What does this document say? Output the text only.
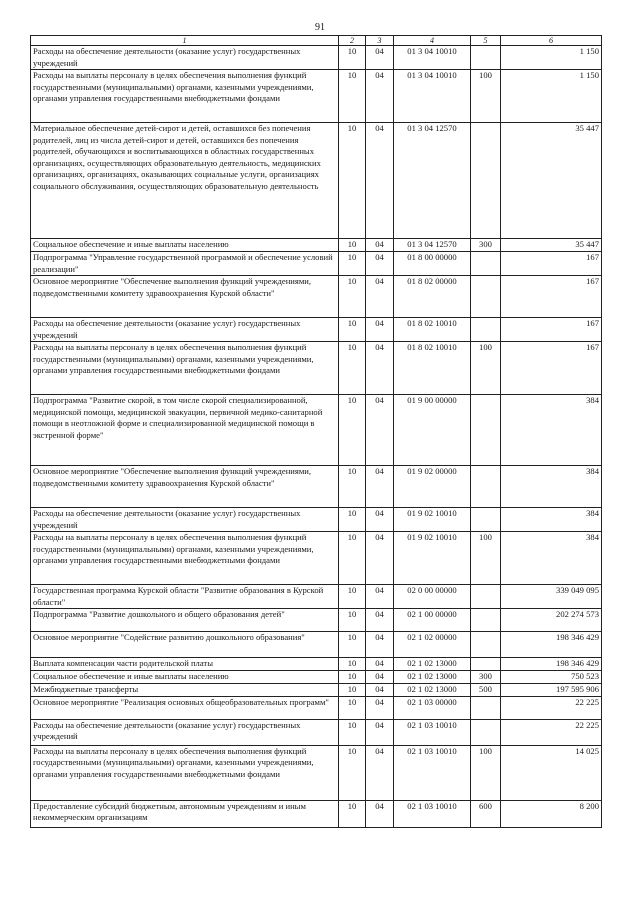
91
1	2	3	4	5	6
Расходы на обеспечение деятельности (оказание услуг) государственных учреждений	10	04	01 3 04 10010		1 150
Расходы на выплаты персоналу в целях обеспечения выполнения функций государственными (муниципальными) органами, казенными учреждениями, органами управления государственными внебюджетными фондами	10	04	01 3 04 10010	100	1 150
Материальное обеспечение детей-сирот и детей, оставшихся без попечения родителей, лиц из числа детей-сирот и детей, оставшихся без попечения родителей, обучающихся и воспитывающихся в областных государственных организациях, осуществляющих образовательную деятельность, медицинских организациях, организациях, оказывающих социальные услуги, организациях социального обслуживания, осуществляющих образовательную деятельность	10	04	01 3 04 12570		35 447
Социальное обеспечение и иные выплаты населению	10	04	01 3 04 12570	300	35 447
Подпрограмма "Управление государственной программой и обеспечение условий реализации"	10	04	01 8 00 00000		167
Основное мероприятие "Обеспечение выполнения функций учреждениями, подведомственными комитету здравоохранения Курской области"	10	04	01 8 02 00000		167
Расходы на обеспечение деятельности (оказание услуг) государственных учреждений	10	04	01 8 02 10010		167
Расходы на выплаты персоналу в целях обеспечения выполнения функций государственными (муниципальными) органами, казенными учреждениями, органами управления государственными внебюджетными фондами	10	04	01 8 02 10010	100	167
Подпрограмма "Развитие скорой, в том числе скорой специализированной, медицинской помощи, медицинской эвакуации, первичной медико-санитарной помощи в неотложной форме и специализированной медицинской помощи в экстренной форме"	10	04	01 9 00 00000		384
Основное мероприятие "Обеспечение выполнения функций учреждениями, подведомственными комитету здравоохранения Курской области"	10	04	01 9 02 00000		384
Расходы на обеспечение деятельности (оказание услуг) государственных учреждений	10	04	01 9 02 10010		384
Расходы на выплаты персоналу в целях обеспечения выполнения функций государственными (муниципальными) органами, казенными учреждениями, органами управления государственными внебюджетными фондами	10	04	01 9 02 10010	100	384
Государственная программа Курской области "Развитие образования в Курской области"	10	04	02 0 00 00000		339 049 095
Подпрограмма "Развитие дошкольного и общего образования детей"	10	04	02 1 00 00000		202 274 573
Основное мероприятие "Содействие развитию дошкольного образования"	10	04	02 1 02 00000		198 346 429
Выплата компенсации части родительской платы	10	04	02 1 02 13000		198 346 429
Социальное обеспечение и иные выплаты населению	10	04	02 1 02 13000	300	750 523
Межбюджетные трансферты	10	04	02 1 02 13000	500	197 595 906
Основное мероприятие "Реализация основных общеобразовательных программ"	10	04	02 1 03 00000		22 225
Расходы на обеспечение деятельности (оказание услуг) государственных учреждений	10	04	02 1 03 10010		22 225
Расходы на выплаты персоналу в целях обеспечения выполнения функций государственными (муниципальными) органами, казенными учреждениями, органами управления государственными внебюджетными фондами	10	04	02 1 03 10010	100	14 025
Предоставление субсидий бюджетным, автономным учреждениям и иным некоммерческим организациям	10	04	02 1 03 10010	600	8 200
